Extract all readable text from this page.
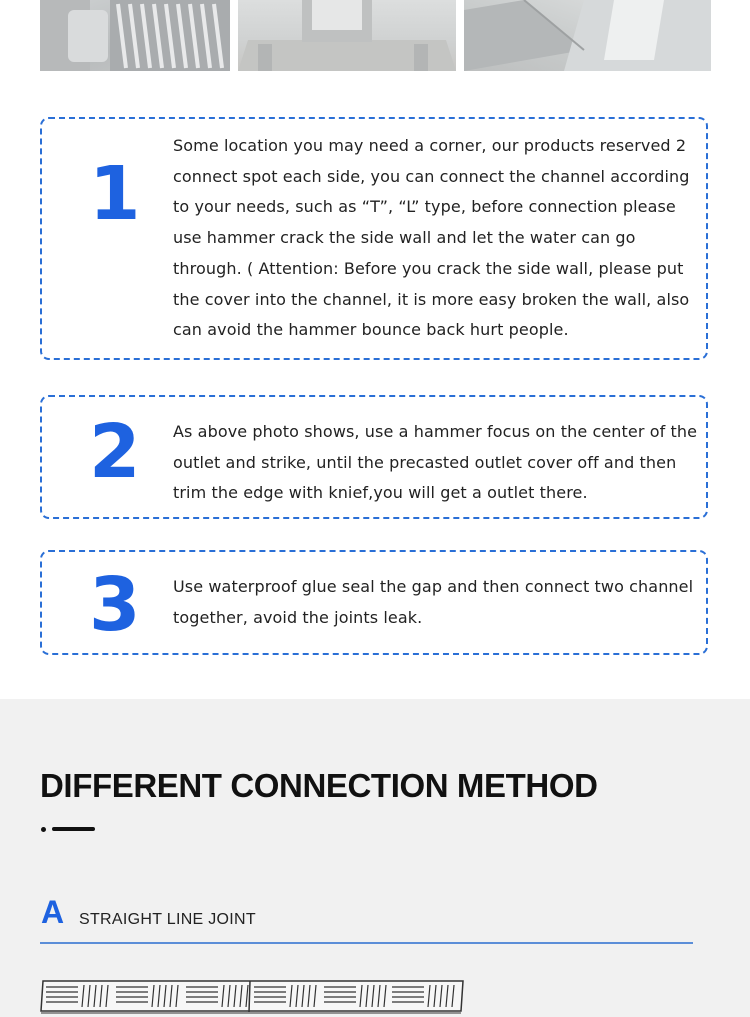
1

Some location you may need a corner, our products reserved 2 connect spot each side, you can connect the channel according to your needs, such as “T”, “L” type, before connection please use hammer crack the side wall and let the water can go through. ( Attention: Before you crack the side wall, please put the cover into the channel, it is more easy broken the wall, also can avoid the hammer bounce back hurt people.

2 As above photo shows, use a hammer focus on the center of the outlet and strike, until the precasted outlet cover off and then trim the edge with knief,you will get a outlet there.

3 Use waterproof glue seal the gap and then connect two channel together, avoid the joints leak.

DIFFERENT CONNECTION METHOD
A STRAIGHT LINE JOINT
